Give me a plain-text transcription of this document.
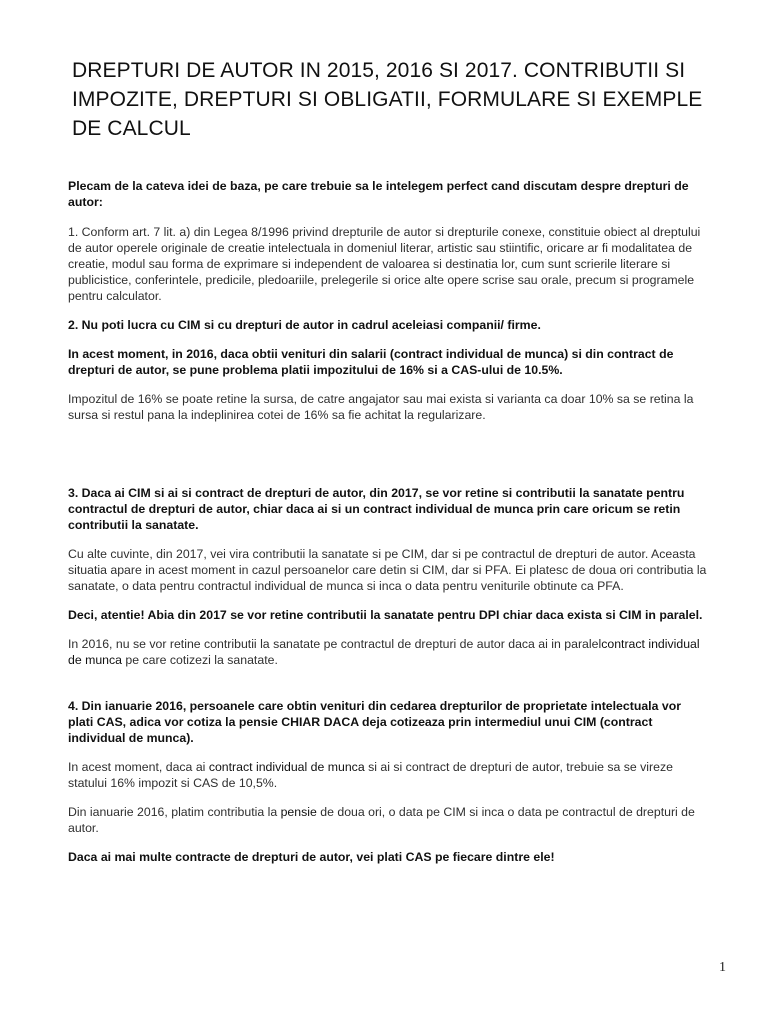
DREPTURI DE AUTOR IN 2015, 2016 SI 2017. CONTRIBUTII SI IMPOZITE, DREPTURI SI OBLIGATII, FORMULARE SI EXEMPLE DE CALCUL

Plecam de la cateva idei de baza, pe care trebuie sa le intelegem perfect cand discutam despre drepturi de autor:

1. Conform art. 7 lit. a) din Legea 8/1996 privind drepturile de autor si drepturile conexe, constituie obiect al dreptului de autor operele originale de creatie intelectuala in domeniul literar, artistic sau stiintific, oricare ar fi modalitatea de creatie, modul sau forma de exprimare si independent de valoarea si destinatia lor, cum sunt scrierile literare si publicistice, conferintele, predicile, pledoariile, prelegerile si orice alte opere scrise sau orale, precum si programele pentru calculator.

2. Nu poti lucra cu CIM si cu drepturi de autor in cadrul aceleiasi companii/ firme.

In acest moment, in 2016, daca obtii venituri din salarii (contract individual de munca) si din contract de drepturi de autor, se pune problema platii impozitului de 16% si a CAS-ului de 10.5%.

Impozitul de 16% se poate retine la sursa, de catre angajator sau mai exista si varianta ca doar 10% sa se retina la sursa si restul pana la indeplinirea cotei de 16% sa fie achitat la regularizare.

3. Daca ai CIM si ai si contract de drepturi de autor, din 2017, se vor retine si contributii la sanatate pentru contractul de drepturi de autor, chiar daca ai si un contract individual de munca prin care oricum se retin contributii la sanatate.

Cu alte cuvinte, din 2017, vei vira contributii la sanatate si pe CIM, dar si pe contractul de drepturi de autor. Aceasta situatia apare in acest moment in cazul persoanelor care detin si CIM, dar si PFA. Ei platesc de doua ori contributia la sanatate, o data pentru contractul individual de munca si inca o data pentru veniturile obtinute ca PFA.

Deci, atentie! Abia din 2017 se vor retine contributii la sanatate pentru DPI chiar daca exista si CIM in paralel.

In 2016, nu se vor retine contributii la sanatate pe contractul de drepturi de autor daca ai in paralelcontract individual de munca pe care cotizezi la sanatate.

4. Din ianuarie 2016, persoanele care obtin venituri din cedarea drepturilor de proprietate intelectuala vor plati CAS, adica vor cotiza la pensie CHIAR DACA deja cotizeaza prin intermediul unui CIM (contract individual de munca).

In acest moment, daca ai contract individual de munca si ai si contract de drepturi de autor, trebuie sa se vireze statului 16% impozit si CAS de 10,5%.

Din ianuarie 2016, platim contributia la pensie de doua ori, o data pe CIM si inca o data pe contractul de drepturi de autor.

Daca ai mai multe contracte de drepturi de autor, vei plati CAS pe fiecare dintre ele!

1
